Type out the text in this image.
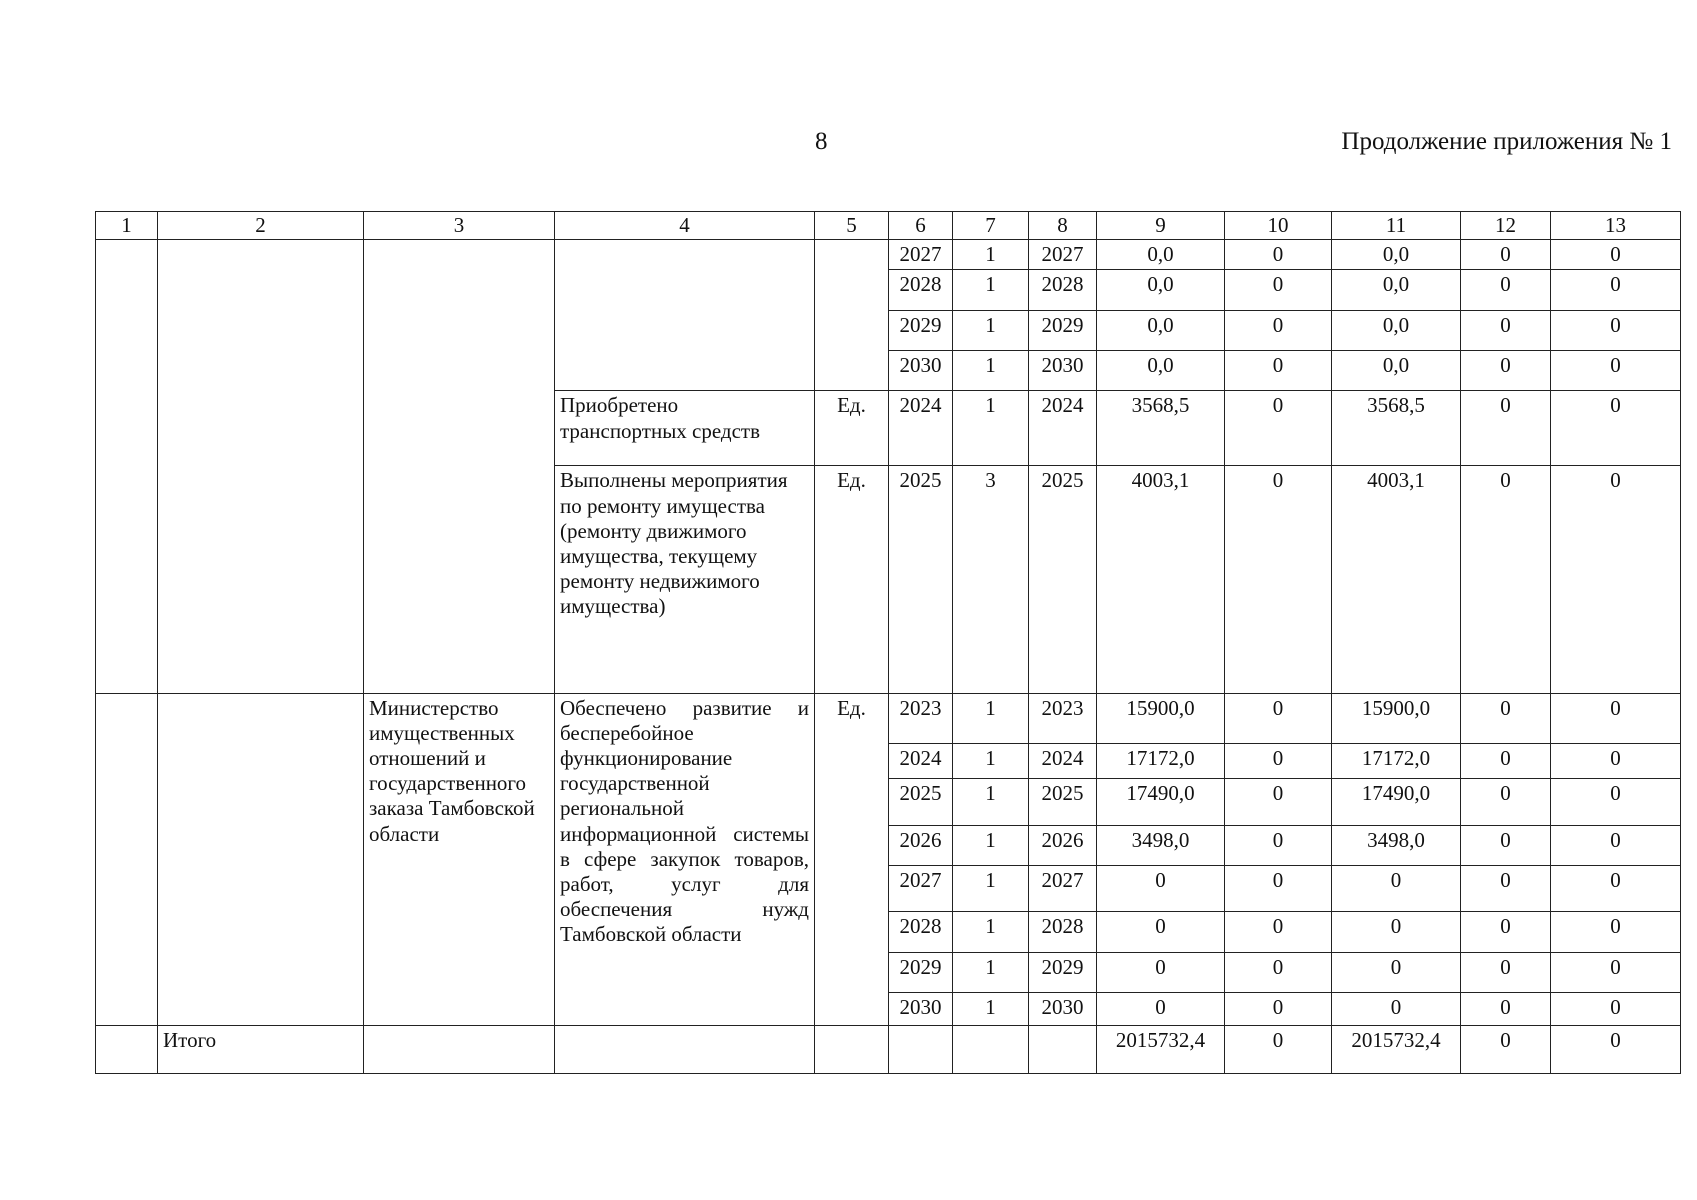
8	Продолжение приложения № 1
1	2	3	4	5	6	7	8	9	10	11	12	13
					2027	1	2027	0,0	0	0,0	0	0
					2028	1	2028	0,0	0	0,0	0	0
					2029	1	2029	0,0	0	0,0	0	0
					2030	1	2030	0,0	0	0,0	0	0
			Приобретено транспортных средств	Ед.	2024	1	2024	3568,5	0	3568,5	0	0
			Выполнены мероприятия по ремонту имущества (ремонту движимого имущества, текущему ремонту недвижимого имущества)	Ед.	2025	3	2025	4003,1	0	4003,1	0	0
		Министерство имущественных отношений и государственного заказа Тамбовской области	Обеспечено развитие и бесперебойное функционирование государственной региональной информационной системы в сфере закупок товаров, работ, услуг для обеспечения нужд Тамбовской области	Ед.	2023	1	2023	15900,0	0	15900,0	0	0
					2024	1	2024	17172,0	0	17172,0	0	0
					2025	1	2025	17490,0	0	17490,0	0	0
					2026	1	2026	3498,0	0	3498,0	0	0
					2027	1	2027	0	0	0	0	0
					2028	1	2028	0	0	0	0	0
					2029	1	2029	0	0	0	0	0
					2030	1	2030	0	0	0	0	0
	Итого							2015732,4	0	2015732,4	0	0
